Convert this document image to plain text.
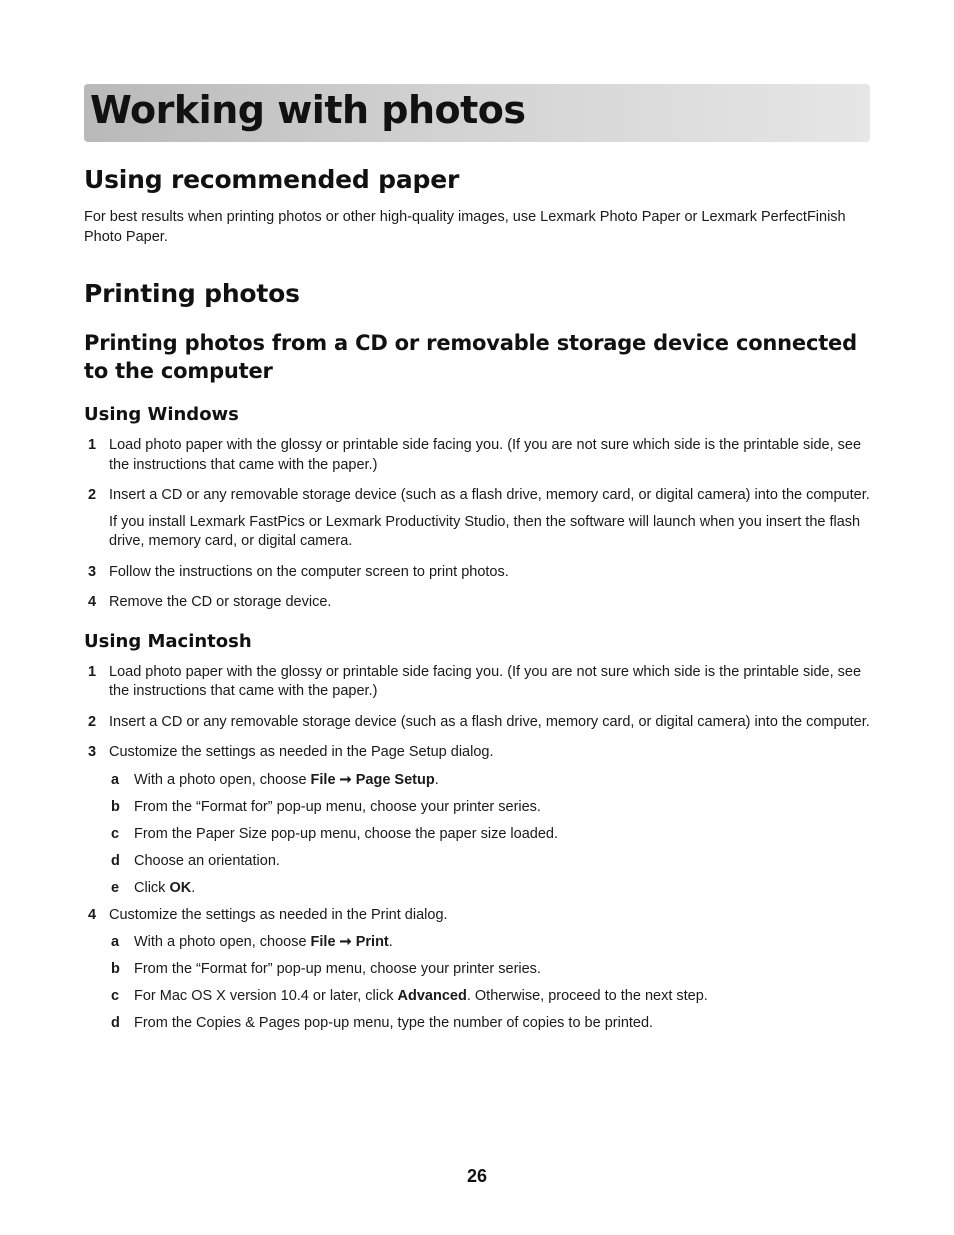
Working with photos
Using recommended paper

For best results when printing photos or other high-quality images, use Lexmark Photo Paper or Lexmark PerfectFinish Photo Paper.

Printing photos
Printing photos from a CD or removable storage device connected to the computer
Using Windows
1 Load photo paper with the glossy or printable side facing you. (If you are not sure which side is the printable side, see the instructions that came with the paper.)
2 Insert a CD or any removable storage device (such as a flash drive, memory card, or digital camera) into the computer.
If you install Lexmark FastPics or Lexmark Productivity Studio, then the software will launch when you insert the flash drive, memory card, or digital camera.
3 Follow the instructions on the computer screen to print photos.
4 Remove the CD or storage device.
Using Macintosh
1 Load photo paper with the glossy or printable side facing you. (If you are not sure which side is the printable side, see the instructions that came with the paper.)
2 Insert a CD or any removable storage device (such as a flash drive, memory card, or digital camera) into the computer.
3 Customize the settings as needed in the Page Setup dialog.
a With a photo open, choose File ➞ Page Setup.
b From the “Format for” pop-up menu, choose your printer series.
c From the Paper Size pop-up menu, choose the paper size loaded.
d Choose an orientation.
e Click OK.
4 Customize the settings as needed in the Print dialog.
a With a photo open, choose File ➞ Print.
b From the “Format for” pop-up menu, choose your printer series.
c For Mac OS X version 10.4 or later, click Advanced. Otherwise, proceed to the next step.
d From the Copies & Pages pop-up menu, type the number of copies to be printed.
26
